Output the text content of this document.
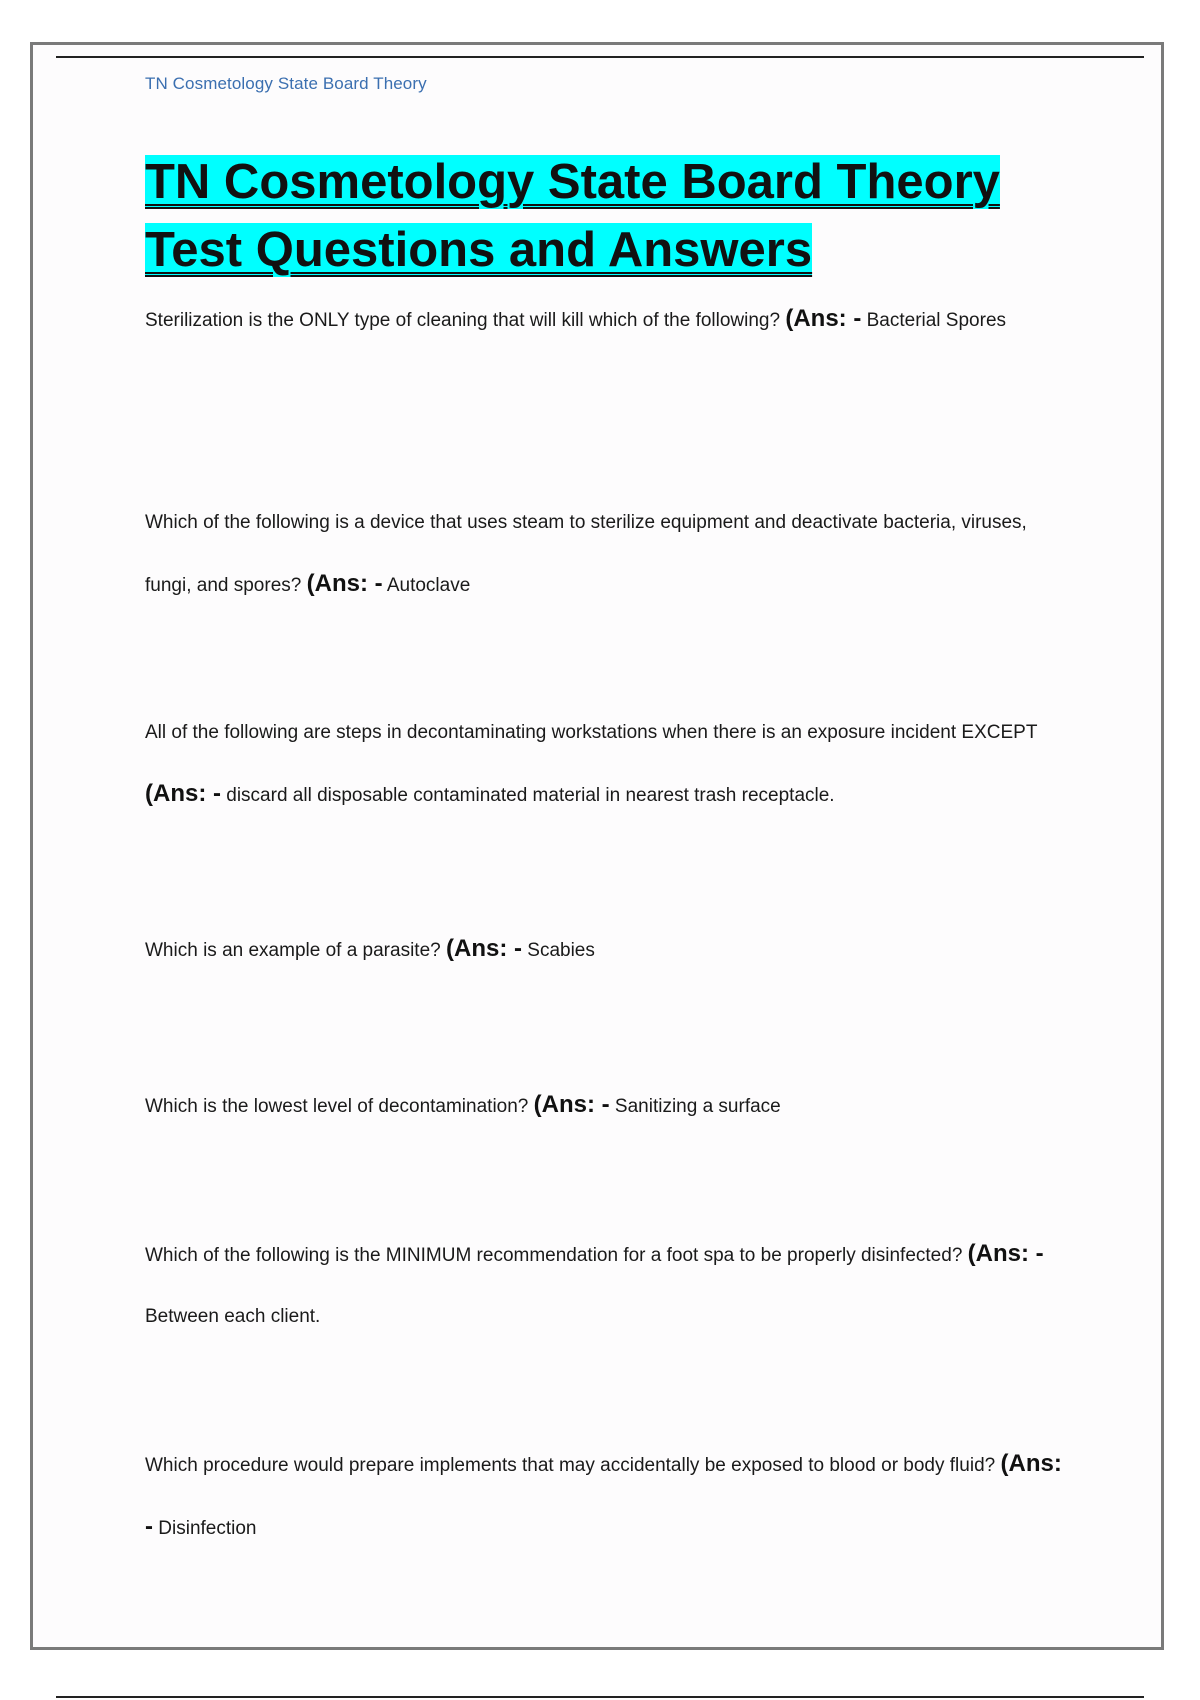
TN Cosmetology State Board Theory
TN Cosmetology State Board Theory
Test Questions and Answers
Sterilization is the ONLY type of cleaning that will kill which of the following? (Ans: - Bacterial Spores
Which of the following is a device that uses steam to sterilize equipment and deactivate bacteria, viruses, fungi, and spores? (Ans: - Autoclave
All of the following are steps in decontaminating workstations when there is an exposure incident EXCEPT (Ans: - discard all disposable contaminated material in nearest trash receptacle.
Which is an example of a parasite? (Ans: - Scabies
Which is the lowest level of decontamination? (Ans: - Sanitizing a surface
Which of the following is the MINIMUM recommendation for a foot spa to be properly disinfected? (Ans: - Between each client.
Which procedure would prepare implements that may accidentally be exposed to blood or body fluid? (Ans: - Disinfection
